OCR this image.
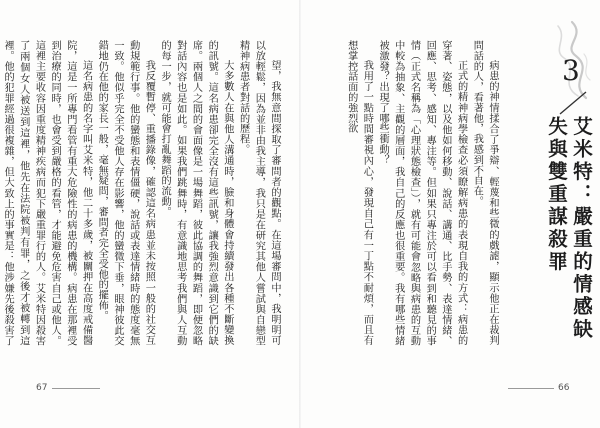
望，我無意間探取了審問者的觀點。在這場審問中，我明明可以放輕鬆，因為並非由我主導，我只是在研究其他人嘗試與自戀型精神病患者對話的歷程。

大多數人在與他人溝通時，臉和身體會持續發出各種不斷變換的訊號。這名病患卻完全沒有這些訊號，讓我強烈意識到它們的缺席。兩個人之間的會面像是一場舞蹈，彼此協調的舞蹈，即便忽略對話內容也是如此。如果我們跳舞時，有意識地思考我們與人互動的每一步，就可能會打亂舞蹈的流動。

我反覆暫停、重播錄像，確認這名病患並未按照一般的社交互動規範行事。他的蠻態和表情僵硬，說話或表達情緒時的態度毫無一致。他似乎完全不受他人存在影響，他的蠻微下垂，眼神彼此交錯地仍在他的家長一般，毫無疑問，審問者完全受他的擺佈。

這名病患的名字叫艾米特，他二十多歲，被關押在高度戒備醫院，這是一所專門看管有重大危險性的病患的機構。病患在那裡受到治療的同時，也會受到嚴格的看管，才能避免危害自己或他人。這裡主要收容因重度精神疾病而犯下嚴重罪行的人。艾米特因殺害了兩個女人被送到這裡，他先在法院被判有罪，之後才被轉到這裡。他的犯罪經過很複雜，但大致上的事實是：他涉嫌先後殺害了

67

病患的神情揉合了爭辯、輕蔑和些微的戲謔，顯示他正在裁判問話的人，看著他，我感到不自在。

正式的精神病學檢查必須瞭解病患的表現自我的方式：病患的穿著、姿態，以及他如何移動、說話、講通、比手勢、表達情緒、回應、思考、感知、專注等。但如果只專注於可以看到和聽見的事情（正式名稱為「心理狀態檢查」），就有可能會忽略與病患的互動中較為抽象、主觀的層面，我自己的反應也很重要。我有哪些情緒被激發？出現了哪些衝動？

我用了一點時間審視內心，發現自己有一丁點不耐煩，而且有想掌控話面的強烈欲	3
艾米特：嚴重的情感缺失與雙重謀殺罪
66
